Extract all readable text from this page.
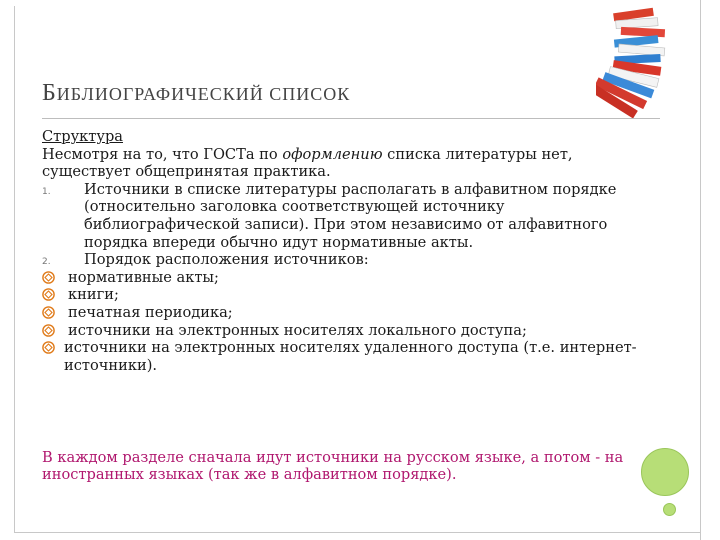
БИБЛИОГРАФИЧЕСКИЙ СПИСОК

Структура

Несмотря на то, что ГОСТа по оформлению списка литературы нет, существует общепринятая практика.

1. Источники в списке литературы располагать в алфавитном порядке (относительно заголовка соответствующей источнику библиографической записи). При этом независимо от алфавитного порядка впереди обычно идут нормативные акты.

2. Порядок расположения источников:

нормативные акты;

книги;

печатная периодика;

источники на электронных носителях локального доступа;

источники на электронных носителях удаленного доступа (т.е. интернет-источники).

В каждом разделе сначала идут источники на русском языке, а потом - на иностранных языках (так же в алфавитном порядке).
